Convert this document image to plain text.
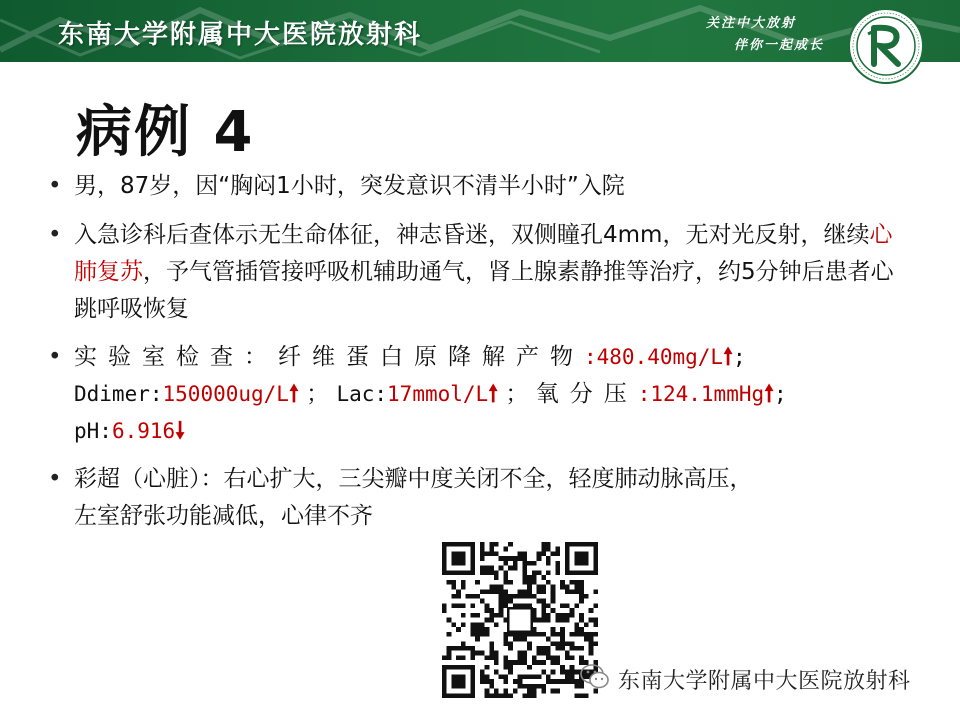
东南大学附属中大医院放射科	关注中大放射
伴你一起成长
病例 4
• 男，87岁，因“胸闷1小时，突发意识不清半小时”入院
• 入急诊科后查体示无生命体征，神志昏迷，双侧瞳孔4mm，无对光反射，继续心肺复苏，予气管插管接呼吸机辅助通气，肾上腺素静推等治疗，约5分钟后患者心跳呼吸恢复
• 实验室检查：纤维蛋白原降解产物:480.40mg/L🠕;
Ddimer:150000ug/L🠕 ； Lac:17mmol/L🠕 ； 氧分压:124.1mmHg🠕;
pH:6.916🠗
• 彩超（心脏）：右心扩大，三尖瓣中度关闭不全，轻度肺动脉高压，
左室舒张功能减低，心律不齐
东南大学附属中大医院放射科
